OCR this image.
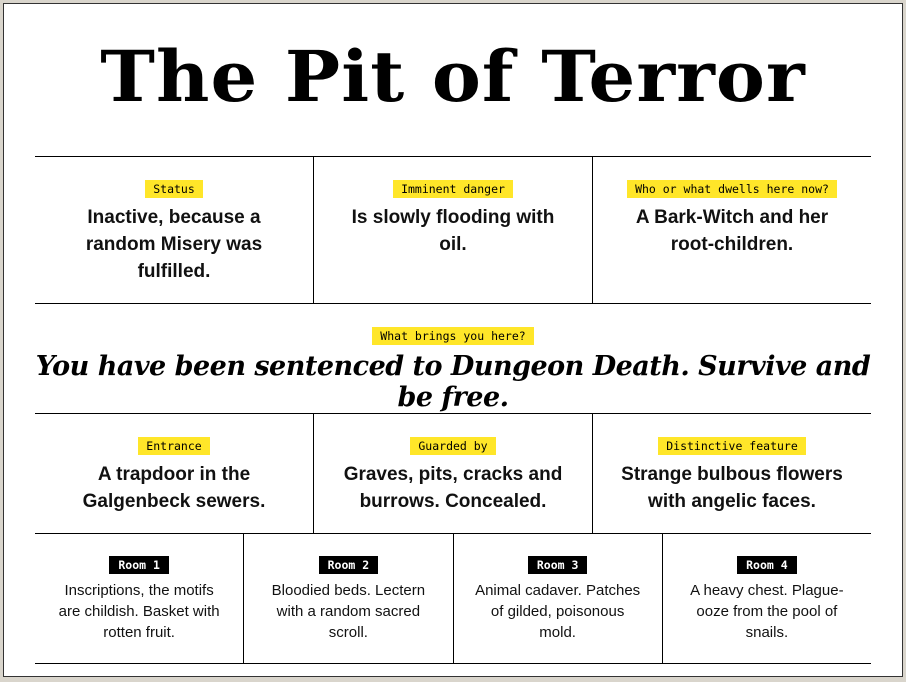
The Pit of Terror
Status
Inactive, because a random Misery was fulfilled.
Imminent danger
Is slowly flooding with oil.
Who or what dwells here now?
A Bark-Witch and her root-children.
What brings you here?
You have been sentenced to Dungeon Death. Survive and be free.
Entrance
A trapdoor in the Galgenbeck sewers.
Guarded by
Graves, pits, cracks and burrows. Concealed.
Distinctive feature
Strange bulbous flowers with angelic faces.
Room 1
Inscriptions, the motifs are childish. Basket with rotten fruit.
Room 2
Bloodied beds. Lectern with a random sacred scroll.
Room 3
Animal cadaver. Patches of gilded, poisonous mold.
Room 4
A heavy chest. Plague-ooze from the pool of snails.
